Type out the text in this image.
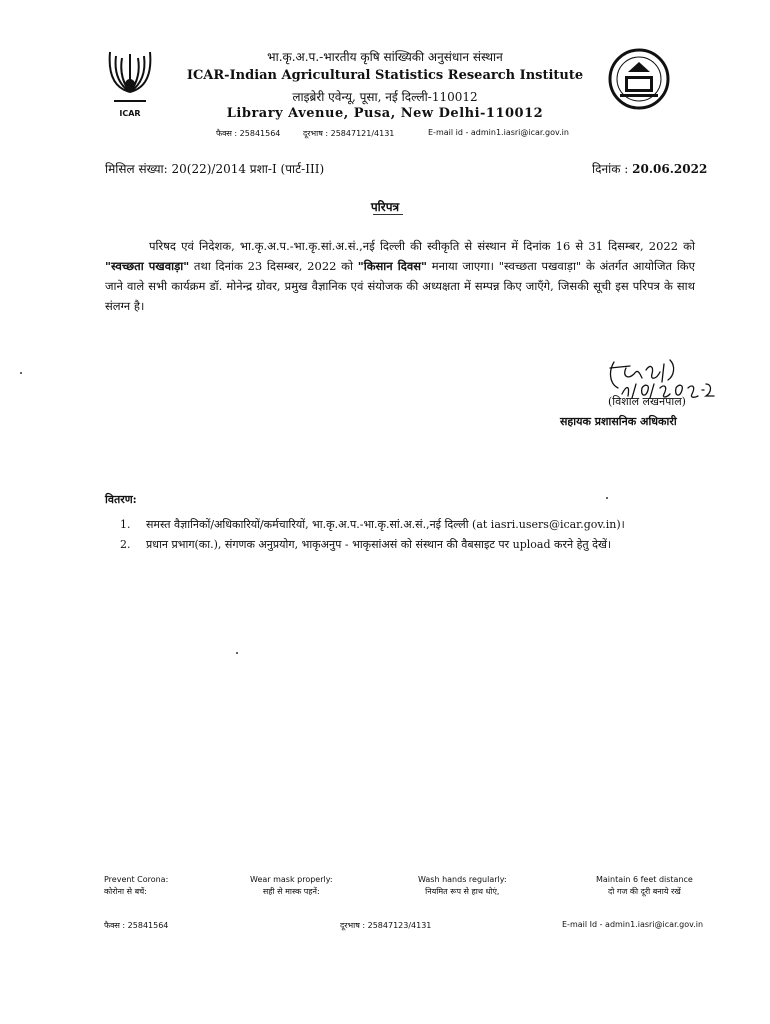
ICAR
भा.कृ.अ.प.-भारतीय कृषि सांख्यिकी अनुसंधान संस्थान
ICAR-Indian Agricultural Statistics Research Institute
लाइब्रेरी एवेन्यू, पूसा, नई दिल्ली-110012
Library Avenue, Pusa, New Delhi-110012
फैक्स : 25841564	दूरभाष : 25847121/4131	E-mail id - admin1.iasri@icar.gov.in
मिसिल संख्या: 20(22)/2014 प्रशा-I (पार्ट-III)	दिनांक : 20.06.2022
परिपत्र
परिषद एवं निदेशक, भा.कृ.अ.प.-भा.कृ.सां.अ.सं.,नई दिल्ली की स्वीकृति से संस्थान में दिनांक 16 से 31 दिसम्बर, 2022 को "स्वच्छता पखवाड़ा" तथा दिनांक 23 दिसम्बर, 2022 को "किसान दिवस" मनाया जाएगा। "स्वच्छता पखवाड़ा" के अंतर्गत आयोजित किए जाने वाले सभी कार्यक्रम डॉ. मोनेन्द्र ग्रोवर, प्रमुख वैज्ञानिक एवं संयोजक की अध्यक्षता में सम्पन्न किए जाएँगे, जिसकी सूची इस परिपत्र के साथ संलग्न है।
(विशाल लखनपाल)
सहायक प्रशासनिक अधिकारी
वितरण:
1. समस्त वैज्ञानिकों/अधिकारियों/कर्मचारियों, भा.कृ.अ.प.-भा.कृ.सां.अ.सं.,नई दिल्ली (at iasri.users@icar.gov.in)।
2. प्रधान प्रभाग(का.), संगणक अनुप्रयोग, भाकृअनुप - भाकृसांअसं को संस्थान की वैबसाइट पर upload करने हेतु देखें।
Prevent Corona:
कोरोना से बचें:
Wear mask properly:
सही से मास्क पहनें:
Wash hands regularly:
नियमित रूप से हाथ धोएं,
Maintain 6 feet distance
दो गज की दूरी बनाये रखें
फैक्स : 25841564	दूरभाष : 25847123/4131	E-mail Id - admin1.iasri@icar.gov.in
